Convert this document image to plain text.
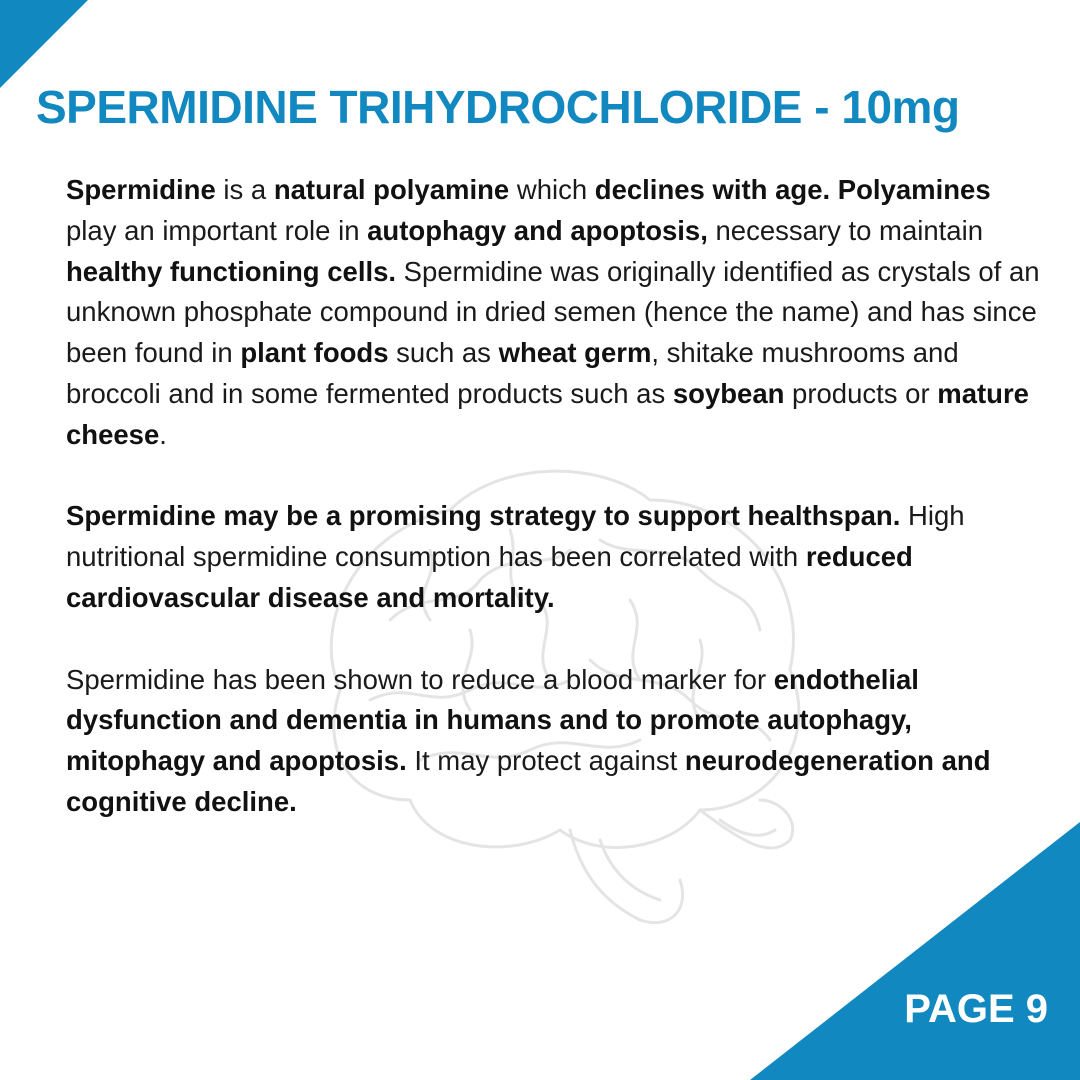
SPERMIDINE TRIHYDROCHLORIDE - 10mg

Spermidine is a natural polyamine which declines with age. Polyamines play an important role in autophagy and apoptosis, necessary to maintain healthy functioning cells. Spermidine was originally identified as crystals of an unknown phosphate compound in dried semen (hence the name) and has since been found in plant foods such as wheat germ, shitake mushrooms and broccoli and in some fermented products such as soybean products or mature cheese.

Spermidine may be a promising strategy to support healthspan. High nutritional spermidine consumption has been correlated with reduced cardiovascular disease and mortality.

Spermidine has been shown to reduce a blood marker for endothelial dysfunction and dementia in humans and to promote autophagy, mitophagy and apoptosis. It may protect against neurodegeneration and cognitive decline.

PAGE 9
